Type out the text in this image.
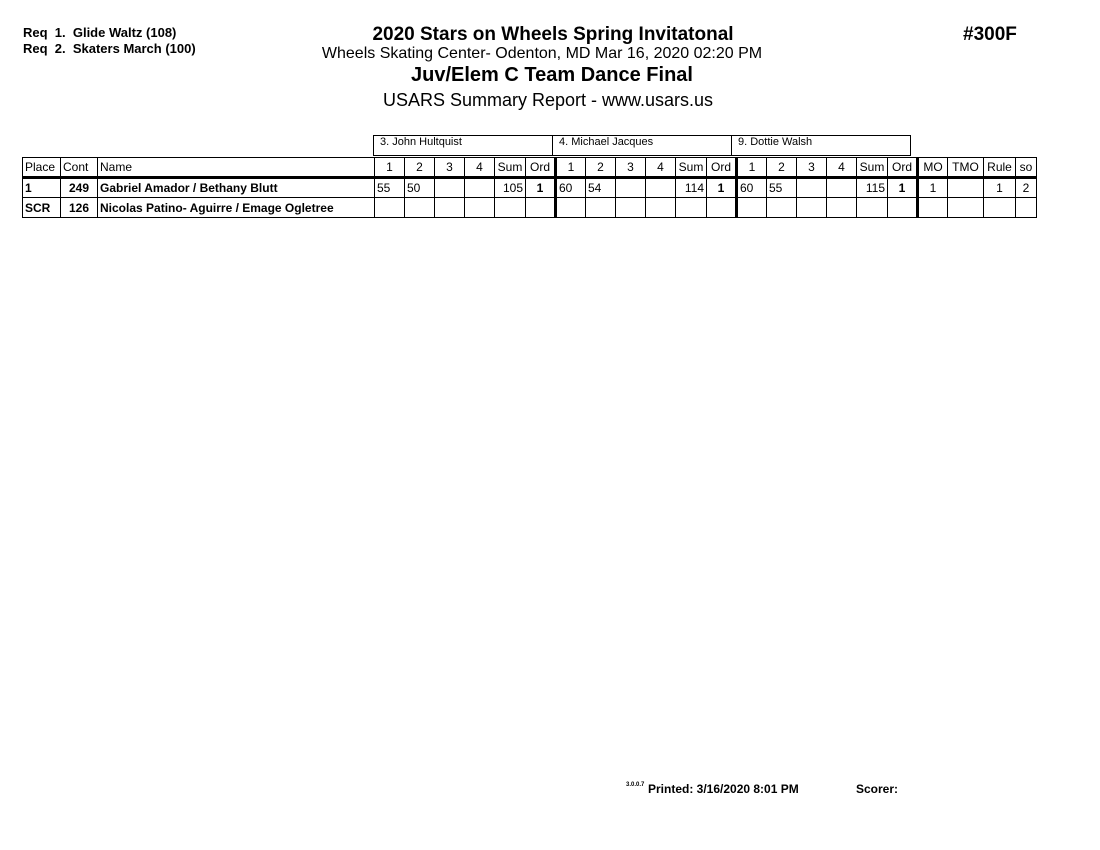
Req  1.  Glide Waltz (108)
Req  2.  Skaters March (100)
2020 Stars on Wheels Spring Invitatonal
Wheels Skating Center- Odenton, MD Mar 16, 2020 02:20 PM
Juv/Elem C Team Dance Final
USARS Summary Report - www.usars.us
#300F
3. John Hultquist	4. Michael Jacques	9. Dottie Walsh
Place	Cont	Name	1	2	3	4	Sum	Ord	1	2	3	4	Sum	Ord	1	2	3	4	Sum	Ord	MO	TMO	Rule	so
1	249	Gabriel Amador / Bethany Blutt	55	50			105	1	60	54			114	1	60	55			115	1	1		1	2
SCR	126	Nicolas Patino- Aguirre / Emage Ogletree																						
3.0.0.7 Printed: 3/16/2020 8:01 PM	Scorer:
